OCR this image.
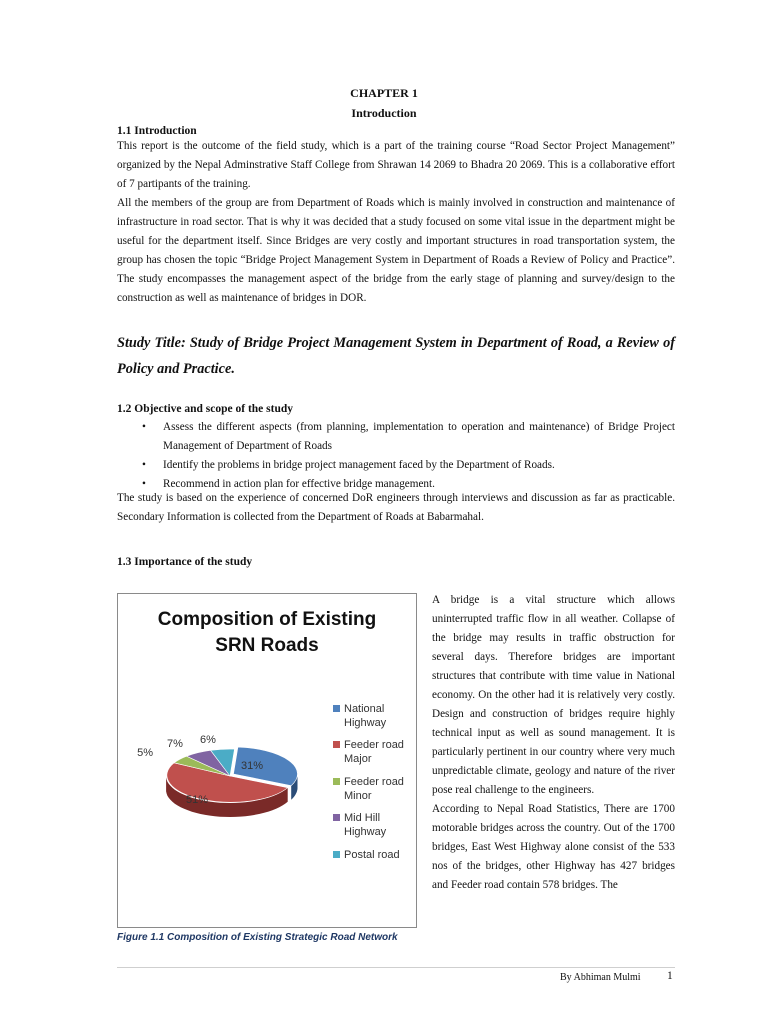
CHAPTER 1
Introduction
1.1 Introduction

This report is the outcome of the field study, which is a part of the training course “Road Sector Project Management” organized by the Nepal Adminstrative Staff College from Shrawan 14 2069 to Bhadra 20 2069. This is a collaborative effort of 7 partipants of the training.

All the members of the group are from Department of Roads which is mainly involved in construction and maintenance of infrastructure in road sector. That is why it was decided that a study focused on some vital issue in the department might be useful for the department itself. Since Bridges are very costly and important structures in road transportation system, the group has chosen the topic “Bridge Project Management System in Department of Roads a Review of Policy and Practice”. The study encompasses the management aspect of the bridge from the early stage of planning and survey/design to the construction as well as maintenance of bridges in DOR.

Study Title: Study of Bridge Project Management System in Department of Road, a Review of Policy and Practice.
1.2 Objective and scope of the study
• Assess the different aspects (from planning, implementation to operation and maintenance) of Bridge Project Management of Department of Roads
• Identify the problems in bridge project management faced by the Department of Roads.
• Recommend in action plan for effective bridge management.

The study is based on the experience of concerned DoR engineers through interviews and discussion as far as practicable. Secondary Information is collected from the Department of Roads at Babarmahal.

1.3 Importance of the study
Composition of Existing
SRN Roads
31%
51%
5%
7% 6%
National
Highway
Feeder road
Major
Feeder road
Minor
Mid Hill
Highway
Postal road

A bridge is a vital structure which allows uninterrupted traffic flow in all weather. Collapse of the bridge may results in traffic obstruction for several days. Therefore bridges are important structures that contribute with time value in National economy. On the other had it is relatively very costly. Design and construction of bridges require highly technical input as well as sound management. It is particularly pertinent in our country where very much unpredictable climate, geology and nature of the river pose real challenge to the engineers.
According to Nepal Road Statistics, There are 1700 motorable bridges across the country. Out of the 1700 bridges, East West Highway alone consist of the 533 nos of the bridges, other Highway has 427 bridges and Feeder road contain 578 bridges. The

Figure 1.1 Composition of Existing Strategic Road Network
By Abhiman Mulmi 1
